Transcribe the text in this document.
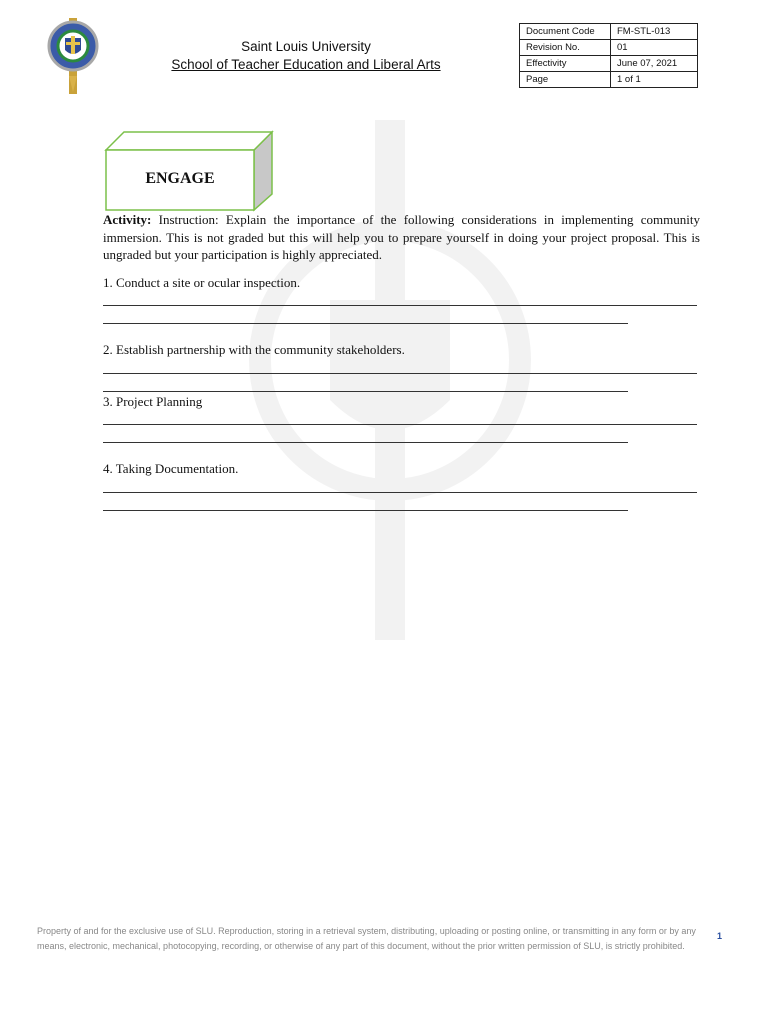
Saint Louis University
School of Teacher Education and Liberal Arts
Document Code	FM-STL-013
Revision No.	01
Effectivity	June 07, 2021
Page	1 of 1
ENGAGE

Activity: Instruction: Explain the importance of the following considerations in implementing community immersion. This is not graded but this will help you to prepare yourself in doing your project proposal. This is ungraded but your participation is highly appreciated.

1. Conduct a site or ocular inspection.

2. Establish partnership with the community stakeholders.

3. Project Planning

4. Taking Documentation.

Property of and for the exclusive use of SLU. Reproduction, storing in a retrieval system, distributing, uploading or posting online, or transmitting in any form or by any means, electronic, mechanical, photocopying, recording, or otherwise of any part of this document, without the prior written permission of SLU, is strictly prohibited.
1
